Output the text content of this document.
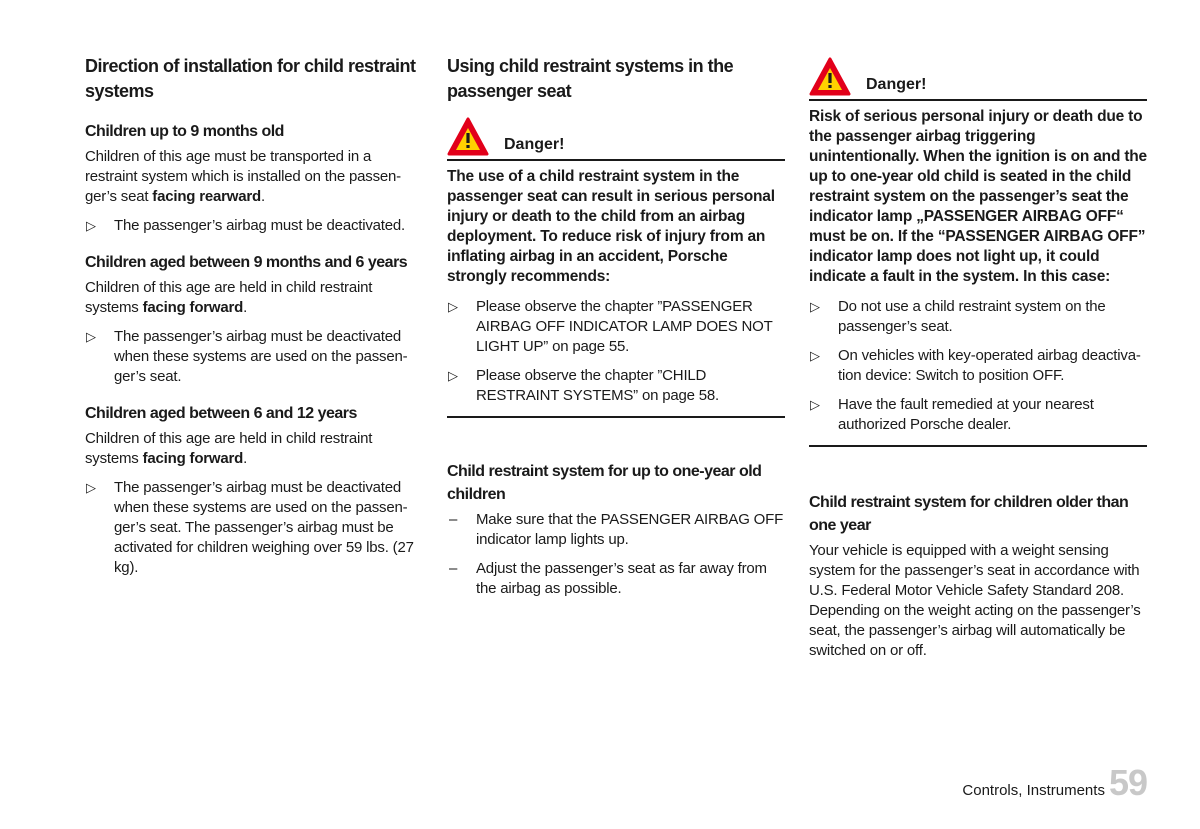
Direction of installation for child restraint systems
Children up to 9 months old
Children of this age must be transported in a restraint system which is installed on the passen-ger’s seat facing rearward.
▷	The passenger’s airbag must be deactivated.
Children aged between 9 months and 6 years
Children of this age are held in child restraint systems facing forward.
▷	The passenger’s airbag must be deactivated when these systems are used on the passen-ger’s seat.
Children aged between 6 and 12 years
Children of this age are held in child restraint systems facing forward.
▷	The passenger’s airbag must be deactivated when these systems are used on the passen-ger’s seat. The passenger’s airbag must be activated for children weighing over 59 lbs. (27 kg).
Using child restraint systems in the passenger seat
Danger!
The use of a child restraint system in the passenger seat can result in serious personal injury or death to the child from an airbag deployment. To reduce risk of injury from an inflating airbag in an accident, Porsche strongly recommends:
▷	Please observe the chapter ”PASSENGER AIRBAG OFF INDICATOR LAMP DOES NOT LIGHT UP” on page 55.
▷	Please observe the chapter ”CHILD RESTRAINT SYSTEMS” on page 58.
Child restraint system for up to one-year old children
–	Make sure that the PASSENGER AIRBAG OFF indicator lamp lights up.
–	Adjust the passenger’s seat as far away from the airbag as possible.
Danger!
Risk of serious personal injury or death due to the passenger airbag triggering unintentionally. When the ignition is on and the up to one-year old child is seated in the child restraint system on the passenger’s seat the indicator lamp „PASSENGER AIRBAG OFF“ must be on. If the “PASSENGER AIRBAG OFF” indicator lamp does not light up, it could indicate a fault in the system. In this case:
▷	Do not use a child restraint system on the passenger’s seat.
▷	On vehicles with key-operated airbag deactiva-tion device: Switch to position OFF.
▷	Have the fault remedied at your nearest authorized Porsche dealer.
Child restraint system for children older than one year
Your vehicle is equipped with a weight sensing system for the passenger’s seat in accordance with U.S. Federal Motor Vehicle Safety Standard 208. Depending on the weight acting on the passenger’s seat, the passenger’s airbag will automatically be switched on or off.
Controls, Instruments 59
